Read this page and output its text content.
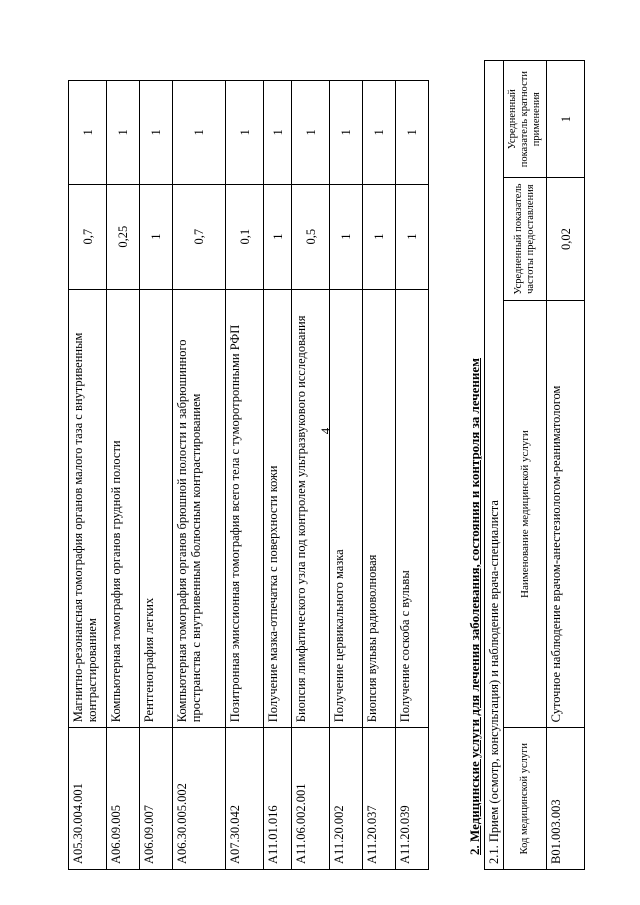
4
A05.30.004.001	Магнитно-резонансная томография органов малого таза с внутривенным контрастированием	0,7	1
A06.09.005	Компьютерная томография органов грудной полости	0,25	1
A06.09.007	Рентгенография легких	1	1
A06.30.005.002	Компьютерная томография органов брюшной полости и забрюшинного пространства с внутривенным болюсным контрастированием	0,7	1
A07.30.042	Позитронная эмиссионная томография всего тела с туморотропными РФП	0,1	1
A11.01.016	Получение мазка-отпечатка с поверхности кожи	1	1
A11.06.002.001	Биопсия лимфатического узла под контролем ультразвукового исследования	0,5	1
A11.20.002	Получение цервикального мазка	1	1
A11.20.037	Биопсия вульвы радиоволновая	1	1
A11.20.039	Получение соскоба с вульвы	1	1
2. Медицинские услуги для лечения заболевания, состояния и контроля за лечением 2.1. Прием (осмотр, консультация) и наблюдение врача-специалиста			
Код медицинской услуги	Наименование медицинской услуги	Усредненный показатель частоты предоставления	Усредненный показатель кратности применения
B01.003.003	Суточное наблюдение врачом-анестезиологом-реаниматологом	0,02	1
